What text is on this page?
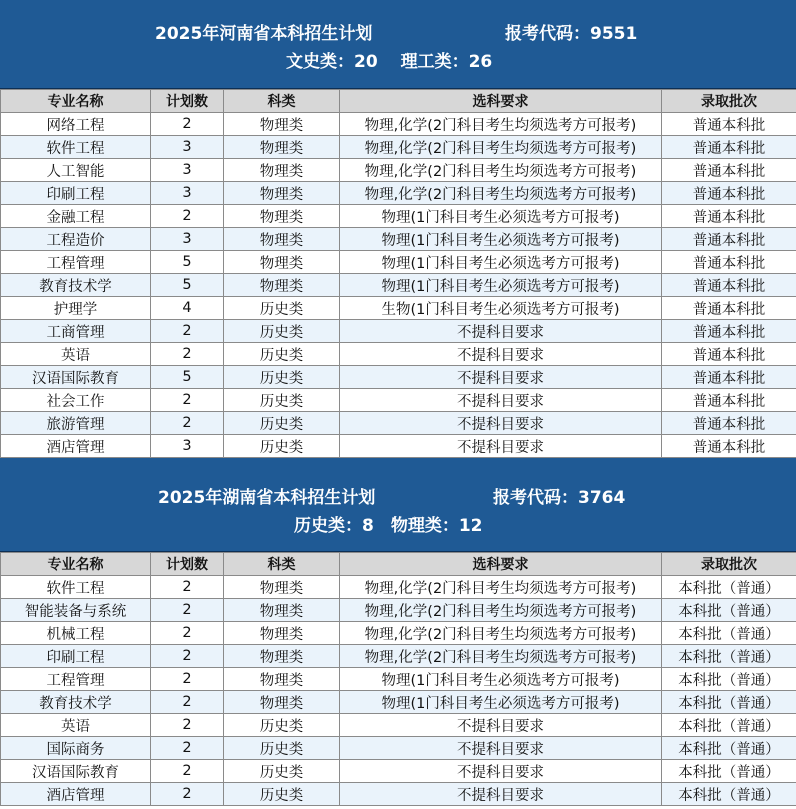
2025年河南省本科招生计划	报考代码：9551
文史类：20　 理工类：26
专业名称	计划数	科类	选科要求	录取批次
网络工程	2	物理类	物理,化学(2门科目考生均须选考方可报考)	普通本科批
软件工程	3	物理类	物理,化学(2门科目考生均须选考方可报考)	普通本科批
人工智能	3	物理类	物理,化学(2门科目考生均须选考方可报考)	普通本科批
印刷工程	3	物理类	物理,化学(2门科目考生均须选考方可报考)	普通本科批
金融工程	2	物理类	物理(1门科目考生必须选考方可报考)	普通本科批
工程造价	3	物理类	物理(1门科目考生必须选考方可报考)	普通本科批
工程管理	5	物理类	物理(1门科目考生必须选考方可报考)	普通本科批
教育技术学	5	物理类	物理(1门科目考生必须选考方可报考)	普通本科批
护理学	4	历史类	生物(1门科目考生必须选考方可报考)	普通本科批
工商管理	2	历史类	不提科目要求	普通本科批
英语	2	历史类	不提科目要求	普通本科批
汉语国际教育	5	历史类	不提科目要求	普通本科批
社会工作	2	历史类	不提科目要求	普通本科批
旅游管理	2	历史类	不提科目要求	普通本科批
酒店管理	3	历史类	不提科目要求	普通本科批
2025年湖南省本科招生计划	报考代码：3764
历史类：8　物理类：12
专业名称	计划数	科类	选科要求	录取批次
软件工程	2	物理类	物理,化学(2门科目考生均须选考方可报考)	本科批（普通）
智能装备与系统	2	物理类	物理,化学(2门科目考生均须选考方可报考)	本科批（普通）
机械工程	2	物理类	物理,化学(2门科目考生均须选考方可报考)	本科批（普通）
印刷工程	2	物理类	物理,化学(2门科目考生均须选考方可报考)	本科批（普通）
工程管理	2	物理类	物理(1门科目考生必须选考方可报考)	本科批（普通）
教育技术学	2	物理类	物理(1门科目考生必须选考方可报考)	本科批（普通）
英语	2	历史类	不提科目要求	本科批（普通）
国际商务	2	历史类	不提科目要求	本科批（普通）
汉语国际教育	2	历史类	不提科目要求	本科批（普通）
酒店管理	2	历史类	不提科目要求	本科批（普通）
